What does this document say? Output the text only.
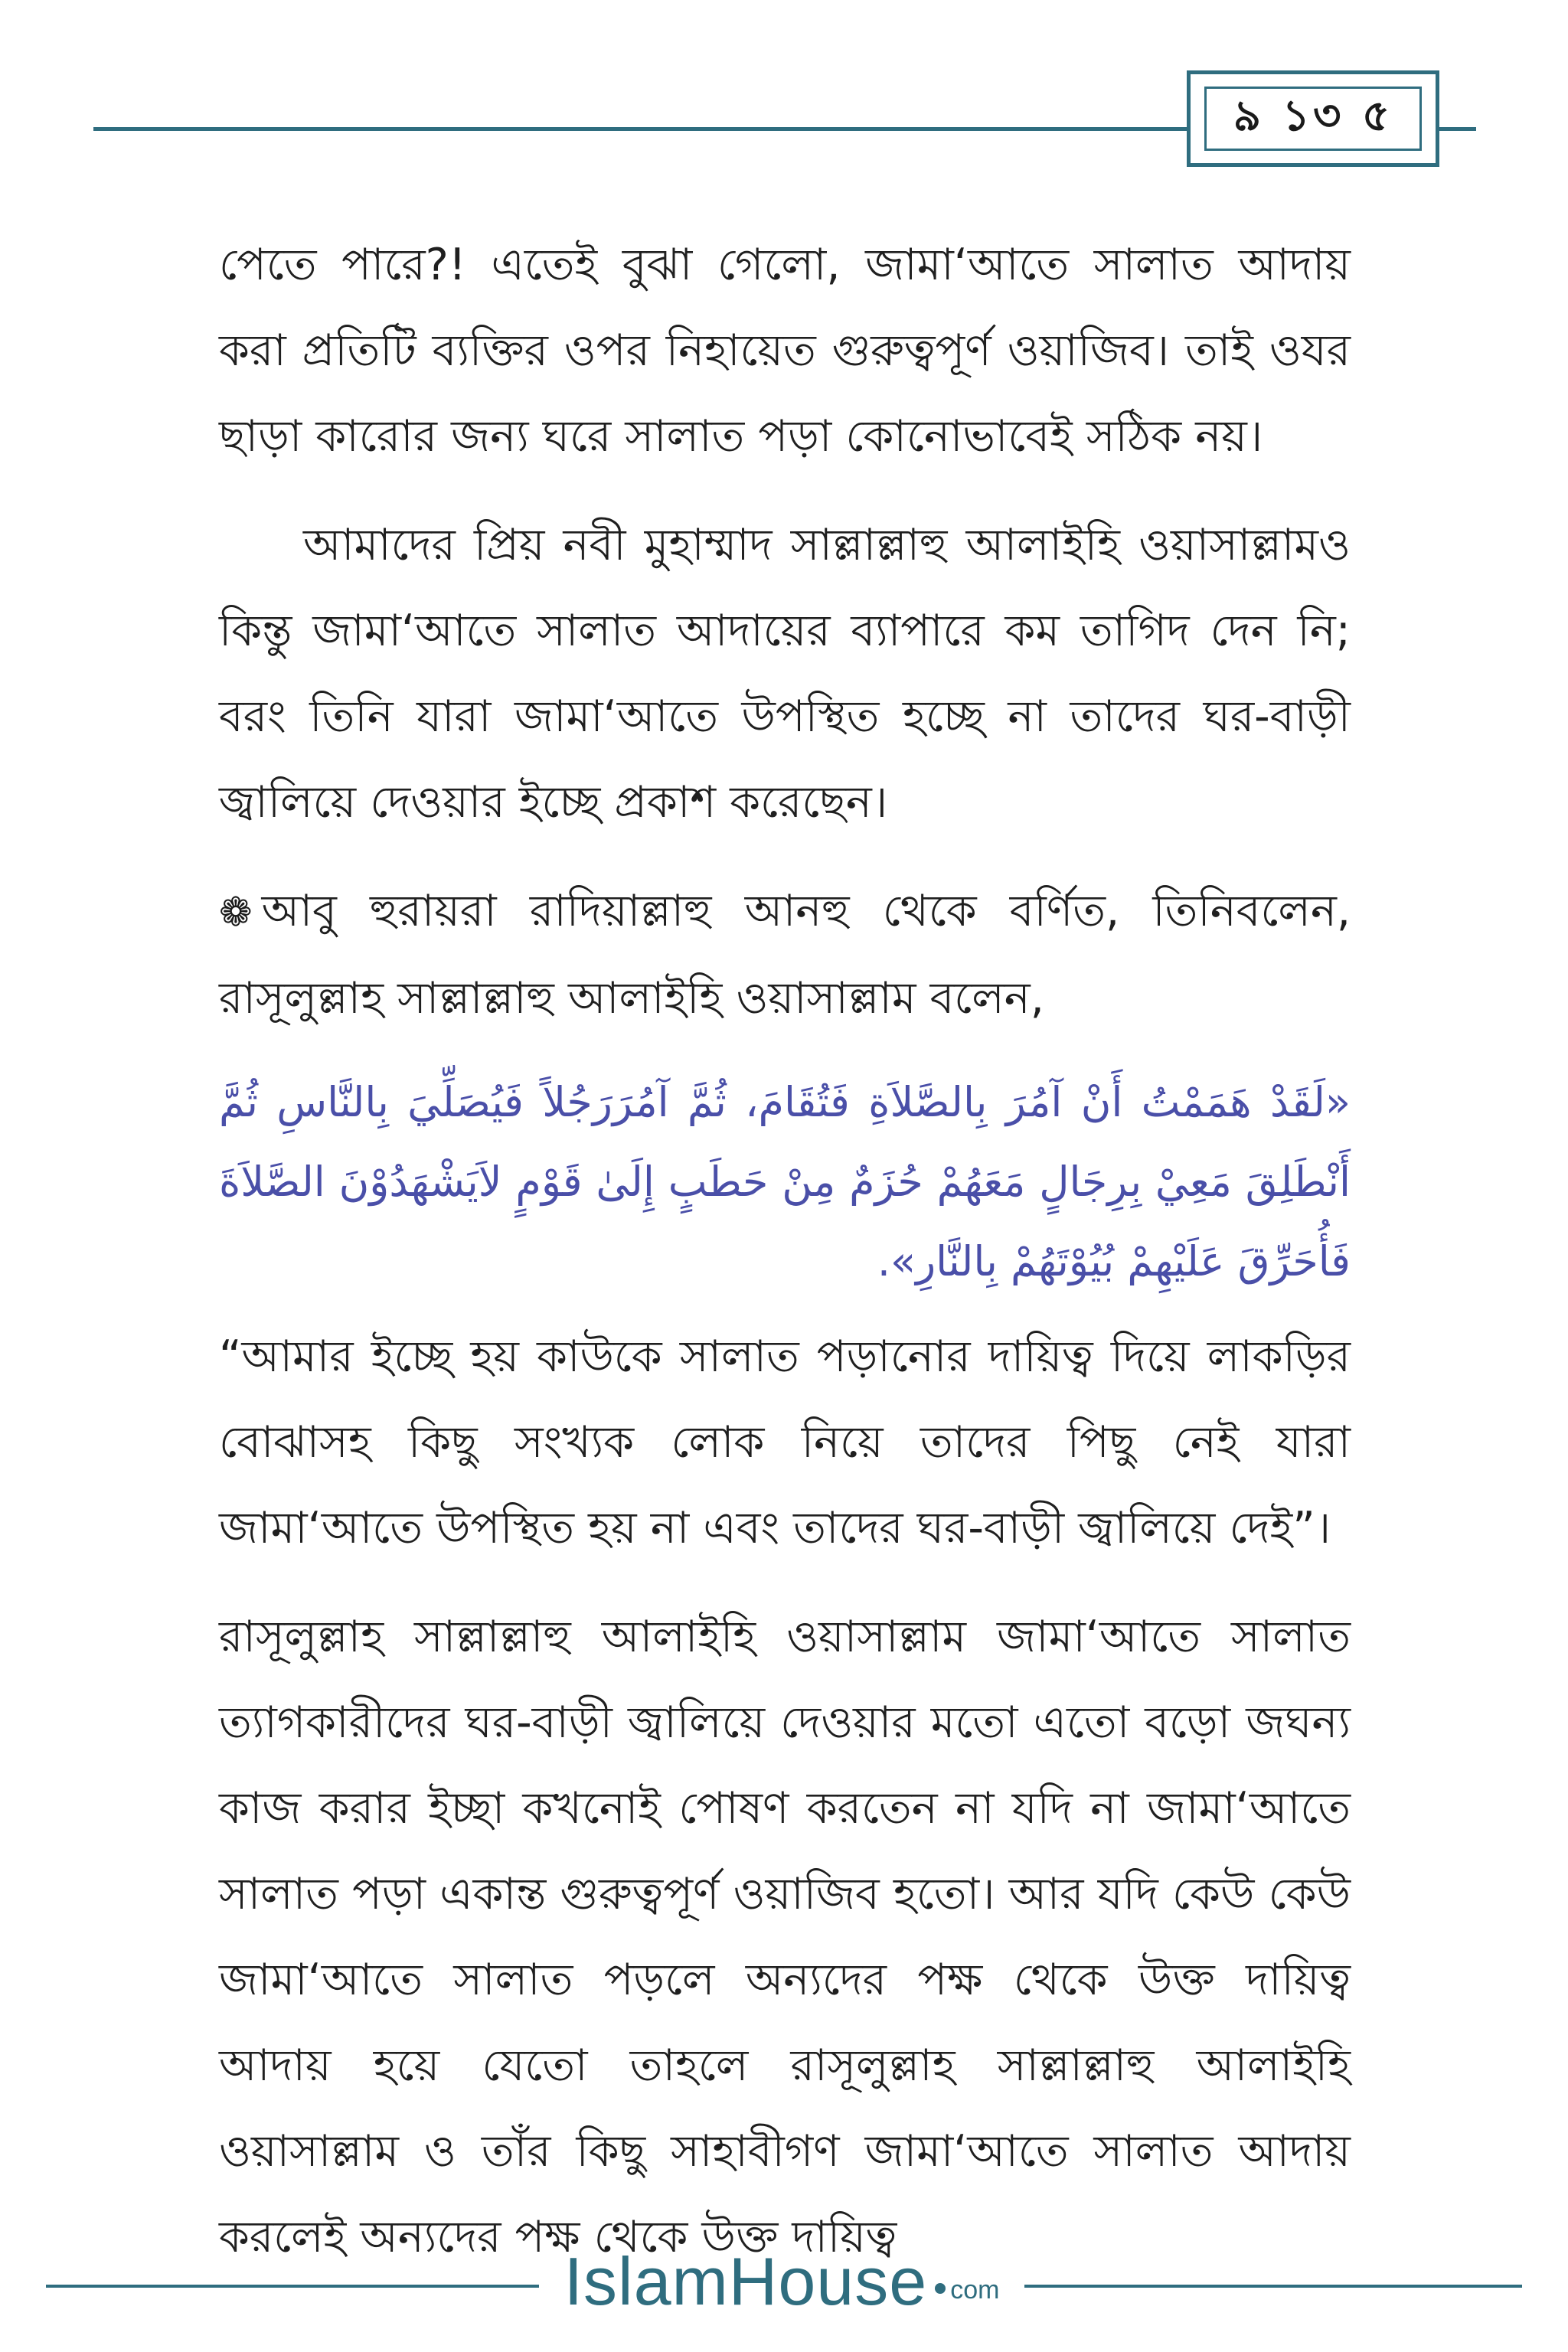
৯ ১৩ ৫

পেতে পারে?! এতেই বুঝা গেলো, জামা‘আতে সালাত আদায় করা প্রতিটি ব্যক্তির ওপর নিহায়েত গুরুত্বপূর্ণ ওয়াজিব। তাই ওযর ছাড়া কারোর জন্য ঘরে সালাত পড়া কোনোভাবেই সঠিক নয়।

আমাদের প্রিয় নবী মুহাম্মাদ সাল্লাল্লাহু আলাইহি ওয়াসাল্লামও কিন্তু জামা‘আতে সালাত আদায়ের ব্যাপারে কম তাগিদ দেন নি; বরং তিনি যারা জামা‘আতে উপস্থিত হচ্ছে না তাদের ঘর-বাড়ী জ্বালিয়ে দেওয়ার ইচ্ছে প্রকাশ করেছেন।

❁ আবু হুরায়রা রাদিয়াল্লাহু আনহু থেকে বর্ণিত, তিনিবলেন, রাসূলুল্লাহ সাল্লাল্লাহু আলাইহি ওয়াসাল্লাম বলেন,

«لَقَدْ هَمَمْتُ أَنْ آمُرَ بِالصَّلاَةِ فَتُقَامَ، ثُمَّ آمُرَرَجُلاً فَيُصَلِّيَ بِالنَّاسِ ثُمَّ أَنْطَلِقَ مَعِيْ بِرِجَالٍ مَعَهُمْ حُزَمٌ مِنْ حَطَبٍ إِلَىٰ قَوْمٍ لاَيَشْهَدُوْنَ الصَّلاَةَ فَأُحَرِّقَ عَلَيْهِمْ بُيُوْتَهُمْ بِالنَّارِ».

“আমার ইচ্ছে হয় কাউকে সালাত পড়ানোর দায়িত্ব দিয়ে লাকড়ির বোঝাসহ কিছু সংখ্যক লোক নিয়ে তাদের পিছু নেই যারা জামা‘আতে উপস্থিত হয় না এবং তাদের ঘর-বাড়ী জ্বালিয়ে দেই”।

রাসূলুল্লাহ সাল্লাল্লাহু আলাইহি ওয়াসাল্লাম জামা‘আতে সালাত ত্যাগকারীদের ঘর-বাড়ী জ্বালিয়ে দেওয়ার মতো এতো বড়ো জঘন্য কাজ করার ইচ্ছা কখনোই পোষণ করতেন না যদি না জামা‘আতে সালাত পড়া একান্ত গুরুত্বপূর্ণ ওয়াজিব হতো। আর যদি কেউ কেউ জামা‘আতে সালাত পড়লে অন্যদের পক্ষ থেকে উক্ত দায়িত্ব আদায় হয়ে যেতো তাহলে রাসূলুল্লাহ সাল্লাল্লাহু আলাইহি ওয়াসাল্লাম ও তাঁর কিছু সাহাবীগণ জামা‘আতে সালাত আদায় করলেই অন্যদের পক্ষ থেকে উক্ত দায়িত্ব

IslamHouse com
